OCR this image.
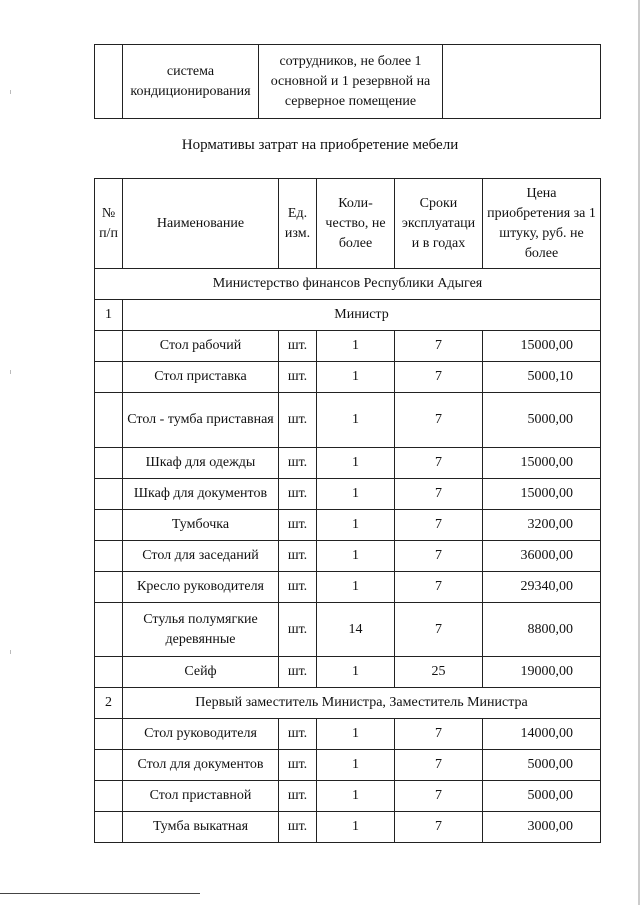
	система кондиционирования	сотрудников, не более 1 основной и 1 резервной на серверное помещение	
Нормативы затрат на приобретение мебели
№ п/п	Наименование	Ед. изм.	Коли- чество, не более	Сроки эксплуатаци и в годах	Цена приобретения за 1 штуку, руб. не более
Министерство финансов Республики Адыгея					
1	Министр				
	Стол рабочий	шт.	1	7	15000,00
	Стол приставка	шт.	1	7	5000,10
	Стол - тумба приставная	шт.	1	7	5000,00
	Шкаф для одежды	шт.	1	7	15000,00
	Шкаф для документов	шт.	1	7	15000,00
	Тумбочка	шт.	1	7	3200,00
	Стол для заседаний	шт.	1	7	36000,00
	Кресло руководителя	шт.	1	7	29340,00
	Стулья полумягкие деревянные	шт.	14	7	8800,00
	Сейф	шт.	1	25	19000,00
2	Первый заместитель Министра, Заместитель Министра				
	Стол руководителя	шт.	1	7	14000,00
	Стол для документов	шт.	1	7	5000,00
	Стол приставной	шт.	1	7	5000,00
	Тумба выкатная	шт.	1	7	3000,00
